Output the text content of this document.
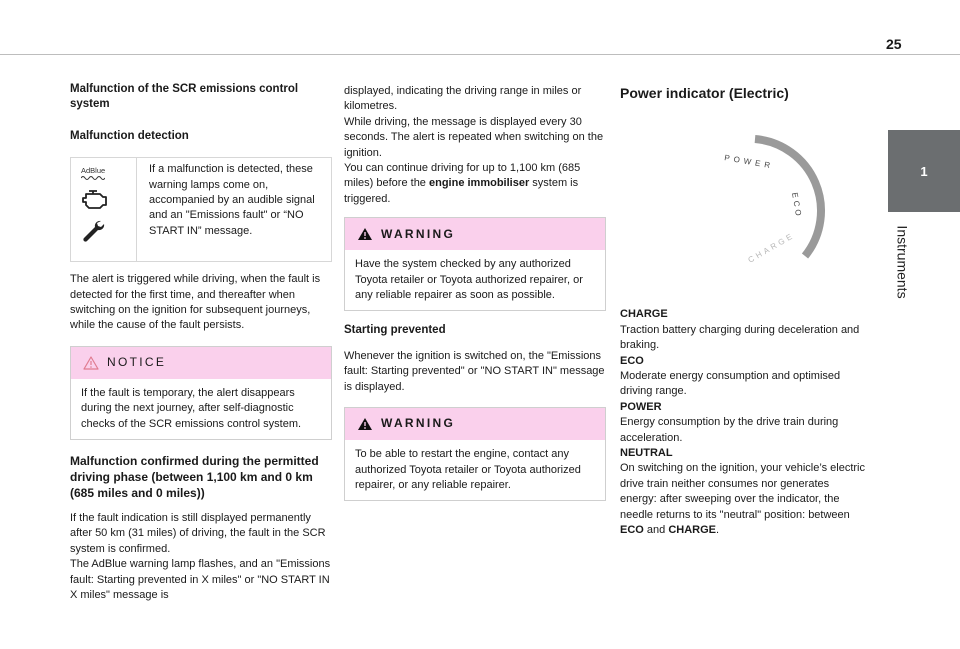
25
1
Instruments

Malfunction of the SCR emissions control system

Malfunction detection

AdBlue	If a malfunction is detected, these warning lamps come on, accompanied by an audible signal and an "Emissions fault" or “NO START IN” message.

The alert is triggered while driving, when the fault is detected for the first time, and thereafter when switching on the ignition for subsequent journeys, while the cause of the fault persists.

NOTICE
If the fault is temporary, the alert disappears during the next journey, after self-diagnostic checks of the SCR emissions control system.

Malfunction confirmed during the permitted driving phase (between 1,100 km and 0 km (685 miles and 0 miles))

If the fault indication is still displayed permanently after 50 km (31 miles) of driving, the fault in the SCR system is confirmed.

The AdBlue warning lamp flashes, and an "Emissions fault: Starting prevented in X miles" or "NO START IN X miles" message is

displayed, indicating the driving range in miles or kilometres.

While driving, the message is displayed every 30 seconds. The alert is repeated when switching on the ignition.

You can continue driving for up to 1,100 km (685 miles) before the engine immobiliser system is triggered.

WARNING
Have the system checked by any authorized Toyota retailer or Toyota authorized repairer, or any reliable repairer as soon as possible.

Starting prevented

Whenever the ignition is switched on, the "Emissions fault: Starting prevented" or "NO START IN" message is displayed.

WARNING
To be able to restart the engine, contact any authorized Toyota retailer or Toyota authorized repairer, or any reliable repairer.

Power indicator (Electric)

POWER
ECO
CHARGE

CHARGE

Traction battery charging during deceleration and braking.

ECO

Moderate energy consumption and optimised driving range.

POWER

Energy consumption by the drive train during acceleration.

NEUTRAL

On switching on the ignition, your vehicle’s electric drive train neither consumes nor generates energy: after sweeping over the indicator, the needle returns to its "neutral" position: between ECO and CHARGE.
